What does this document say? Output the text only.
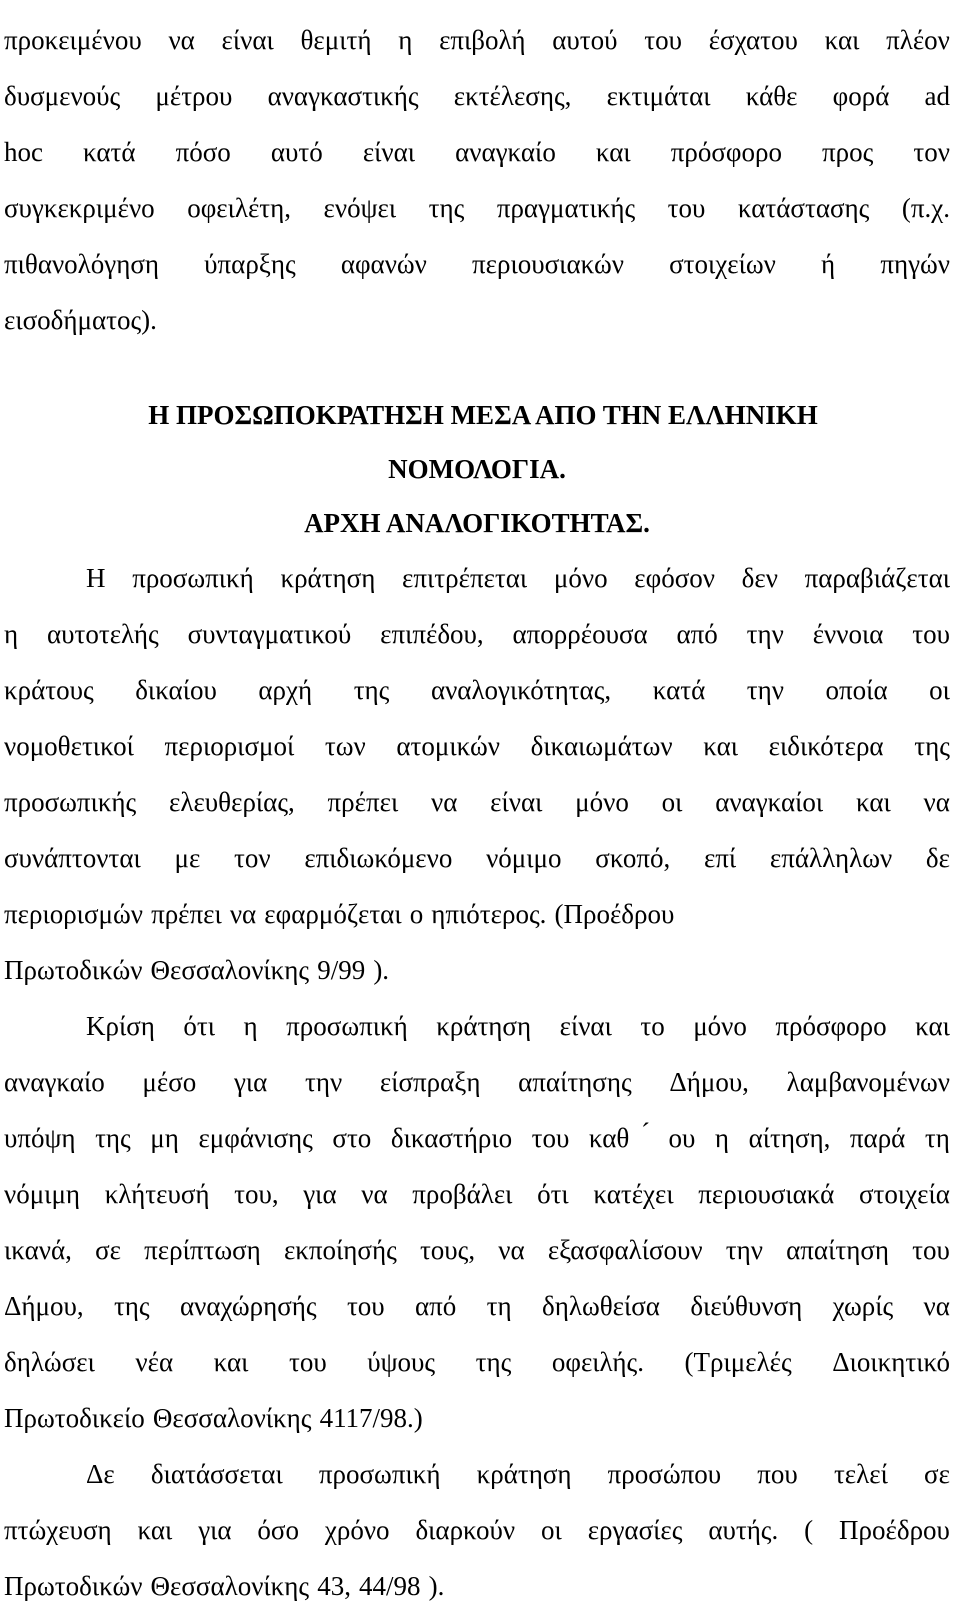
προκειμένου να είναι θεμιτή η επιβολή αυτού του έσχατου και πλέον
δυσμενούς μέτρου αναγκαστικής εκτέλεσης, εκτιμάται κάθε φορά ad
hoc κατά πόσο αυτό είναι αναγκαίο και πρόσφορο προς τον
συγκεκριμένο οφειλέτη, ενόψει της πραγματικής του κατάστασης (π.χ.
πιθανολόγηση ύπαρξης αφανών περιουσιακών στοιχείων ή πηγών
εισοδήματος).

Η ΠΡΟΣΩΠΟΚΡΑΤΗΣΗ ΜΕΣΑ ΑΠΟ ΤΗΝ ΕΛΛΗΝΙΚΗ

ΝΟΜΟΛΟΓΙΑ.

ΑΡΧΗ ΑΝΑΛΟΓΙΚΟΤΗΤΑΣ.

Η προσωπική κράτηση επιτρέπεται μόνο εφόσον δεν παραβιάζεται
η αυτοτελής συνταγματικού επιπέδου, απορρέουσα από την έννοια του
κράτους δικαίου αρχή της αναλογικότητας, κατά την οποία οι
νομοθετικοί περιορισμοί των ατομικών δικαιωμάτων και ειδικότερα της
προσωπικής ελευθερίας, πρέπει να είναι μόνο οι αναγκαίοι και να
συνάπτονται με τον επιδιωκόμενο νόμιμο σκοπό, επί επάλληλων δε
περιορισμών πρέπει να εφαρμόζεται ο ηπιότερος. (Προέδρου
Πρωτοδικών Θεσσαλονίκης 9/99 ).
Κρίση ότι η προσωπική κράτηση είναι το μόνο πρόσφορο και
αναγκαίο μέσο για την είσπραξη απαίτησης Δήμου, λαμβανομένων
υπόψη της μη εμφάνισης στο δικαστήριο του καθ ου η αίτηση, παρά τη
νόμιμη κλήτευσή του, για να προβάλει ότι κατέχει περιουσιακά στοιχεία
ικανά, σε περίπτωση εκποίησής τους, να εξασφαλίσουν την απαίτηση του
Δήμου, της αναχώρησής του από τη δηλωθείσα διεύθυνση χωρίς να
δηλώσει νέα και του ύψους της οφειλής. (Τριμελές Διοικητικό
Πρωτοδικείο Θεσσαλονίκης 4117/98.)
Δε διατάσσεται προσωπική κράτηση προσώπου που τελεί σε
πτώχευση και για όσο χρόνο διαρκούν οι εργασίες αυτής. ( Προέδρου
Πρωτοδικών Θεσσαλονίκης 43, 44/98 ).
